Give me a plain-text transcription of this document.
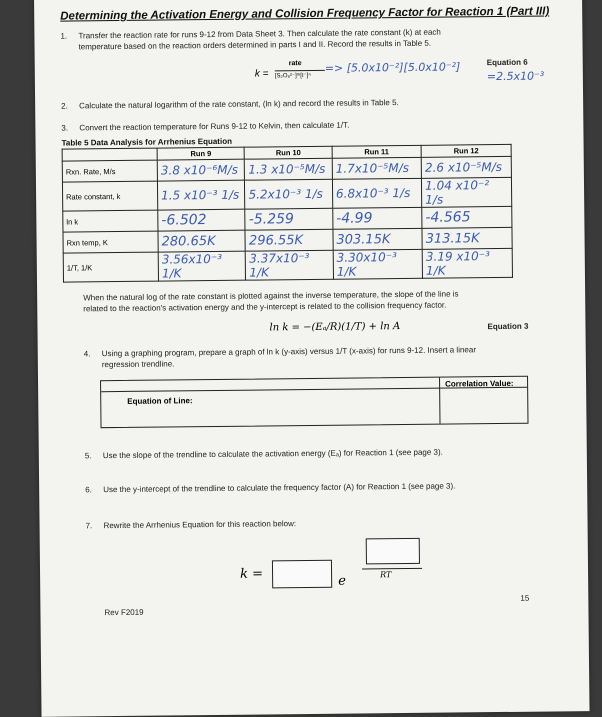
Determining the Activation Energy and Collision Frequency Factor for Reaction 1 (Part III)
1. Transfer the reaction rate for runs 9-12 from Data Sheet 3. Then calculate the rate constant (k) at each
temperature based on the reaction orders determined in parts I and II. Record the results in Table 5.
k =
rate
[S₂O₈²⁻]ᵐ[I⁻]ⁿ
=> [5.0x10⁻²][5.0x10⁻²]	Equation 6
=2.5x10⁻³
2. Calculate the natural logarithm of the rate constant, (ln k) and record the results in Table 5.
3. Convert the reaction temperature for Runs 9-12 to Kelvin, then calculate 1/T.
Table 5 Data Analysis for Arrhenius Equation
	Run 9	Run 10	Run 11	Run 12
Rxn. Rate, M/s	3.8 x10⁻⁶M/s	1.3 x10⁻⁵M/s	1.7x10⁻⁵M/s	2.6 x10⁻⁵M/s
Rate constant, k	1.5 x10⁻³ 1/s	5.2x10⁻³ 1/s	6.8x10⁻³ 1/s	1.04 x10⁻² 1/s
ln k	-6.502	-5.259	-4.99	-4.565
Rxn temp, K	280.65K	296.55K	303.15K	313.15K
1/T, 1/K	3.56x10⁻³ 1/K	3.37x10⁻³ 1/K	3.30x10⁻³ 1/K	3.19 x10⁻³ 1/K
When the natural log of the rate constant is plotted against the inverse temperature, the slope of the line is
related to the reaction's activation energy and the y-intercept is related to the collision frequency factor.
ln k = −(Eₐ/R)(1/T) + ln A	Equation 3
4. Using a graphing program, prepare a graph of ln k (y-axis) versus 1/T (x-axis) for runs 9-12. Insert a linear
regression trendline.
Equation of Line:
Correlation Value:
5. Use the slope of the trendline to calculate the activation energy (Eₐ) for Reaction 1 (see page 3).
6. Use the y-intercept of the trendline to calculate the frequency factor (A) for Reaction 1 (see page 3).
7. Rewrite the Arrhenius Equation for this reaction below:
k =	e	RT
Rev F2019
15
